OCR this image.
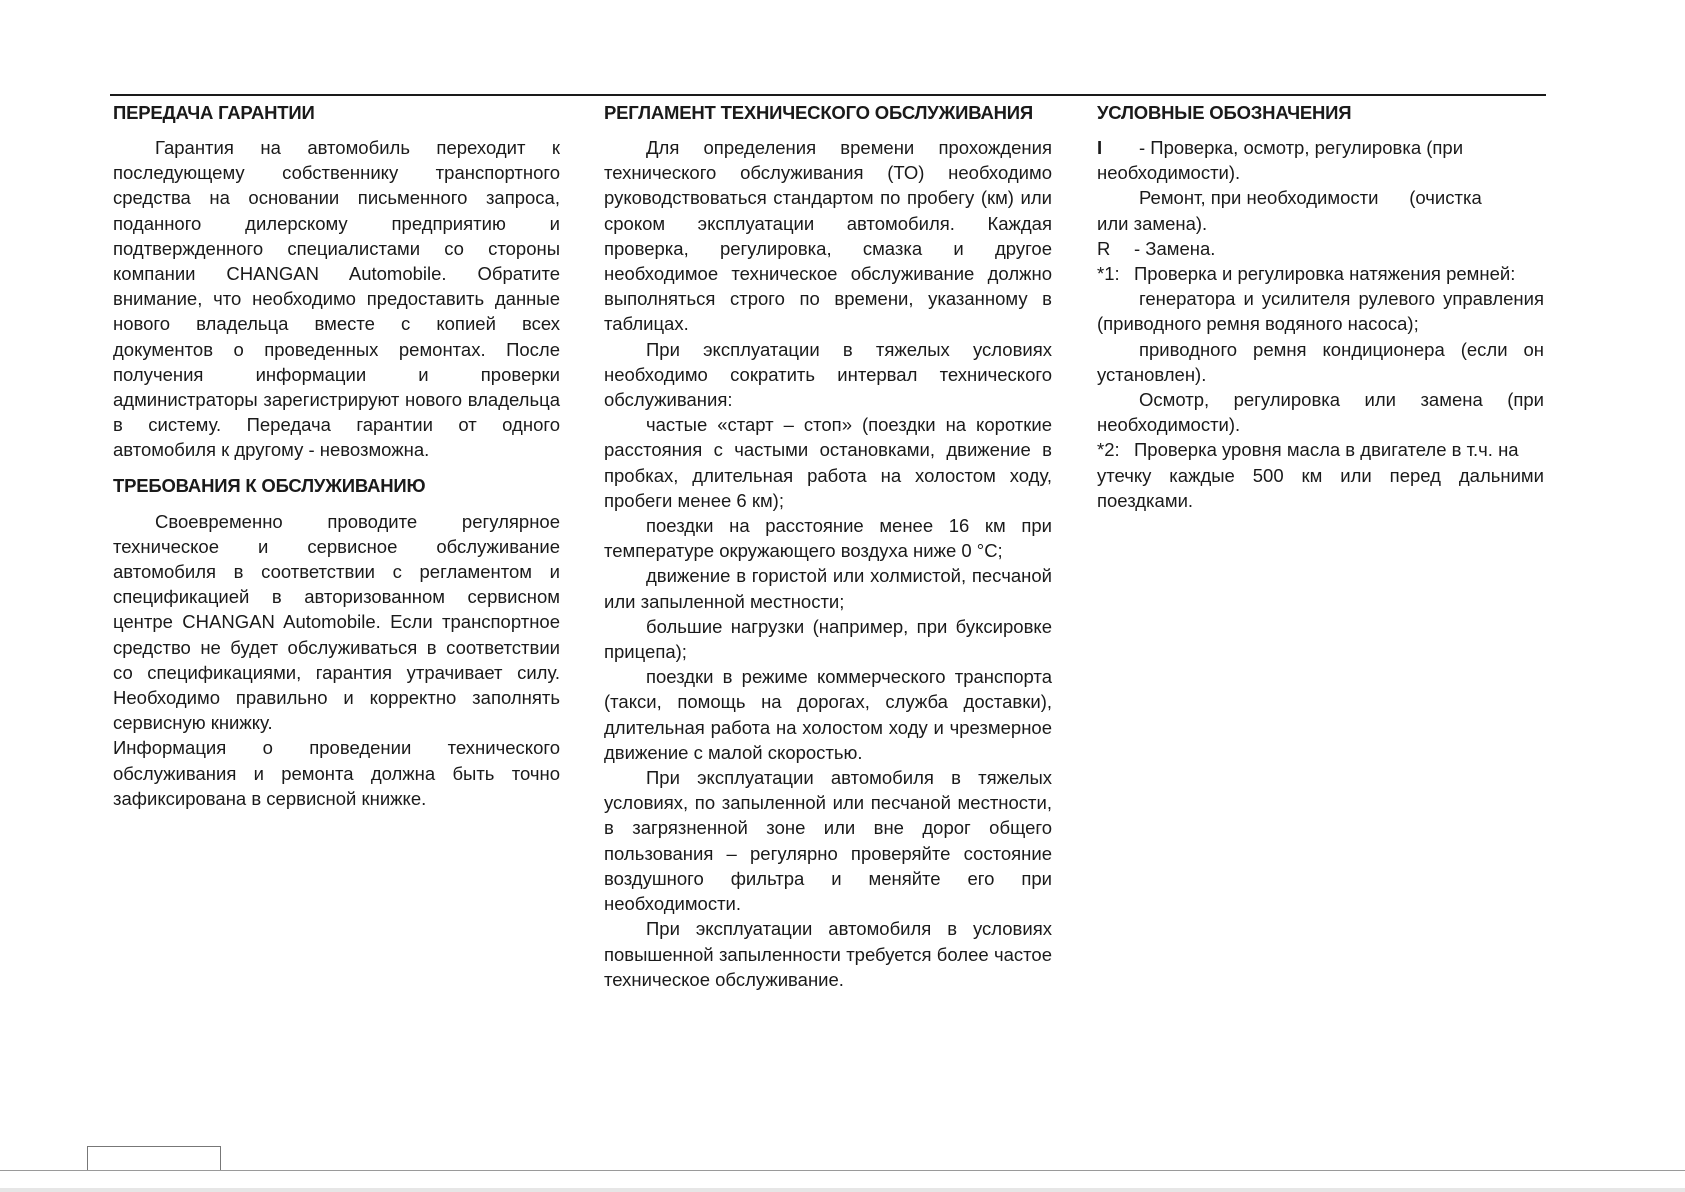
ПЕРЕДАЧА ГАРАНТИИ

Гарантия на автомобиль переходит к последующему собственнику транспортного средства на основании письменного запроса, поданного дилерскому предприятию и подтвержденного специалистами со стороны компании CHANGAN Automobile. Обратите внимание, что необходимо предоставить данные нового владельца вместе с копией всех документов о проведенных ремонтах. После получения информации и проверки администраторы зарегистрируют нового владельца в систему. Передача гарантии от одного автомобиля к другому - невозможна.

ТРЕБОВАНИЯ К ОБСЛУЖИВАНИЮ

Своевременно проводите регулярное техническое и сервисное обслуживание автомобиля в соответствии с регламентом и спецификацией в авторизованном сервисном центре CHANGAN Automobile. Если транспортное средство не будет обслуживаться в соответствии со спецификациями, гарантия утрачивает силу. Необходимо правильно и корректно заполнять сервисную книжку.

Информация о проведении технического обслуживания и ремонта должна быть точно зафиксирована в сервисной книжке.

РЕГЛАМЕНТ ТЕХНИЧЕСКОГО ОБСЛУЖИВАНИЯ

Для определения времени прохождения технического обслуживания (ТО) необходимо руководствоваться стандартом по пробегу (км) или сроком эксплуатации автомобиля. Каждая проверка, регулировка, смазка и другое необходимое техническое обслуживание должно выполняться строго по времени, указанному в таблицах.

При эксплуатации в тяжелых условиях необходимо сократить интервал технического обслуживания:

частые «старт – стоп» (поездки на короткие расстояния с частыми остановками, движение в пробках, длительная работа на холостом ходу, пробеги менее 6 км);

поездки на расстояние менее 16 км при температуре окружающего воздуха ниже 0 °С;

движение в гористой или холмистой, песчаной или запыленной местности;

большие нагрузки (например, при буксировке прицепа);

поездки в режиме коммерческого транспорта (такси, помощь на дорогах, служба доставки), длительная работа на холостом ходу и чрезмерное движение с малой скоростью.

При эксплуатации автомобиля в тяжелых условиях, по запыленной или песчаной местности, в загрязненной зоне или вне дорог общего пользования – регулярно проверяйте состояние воздушного фильтра и меняйте его при необходимости.

При эксплуатации автомобиля в условиях повышенной запыленности требуется более частое техническое обслуживание.

УСЛОВНЫЕ ОБОЗНАЧЕНИЯ
I	- Проверка, осмотр, регулировка (при

необходимости).

Ремонт, при необходимости      (очистка

или замена).

R	- Замена.
*1: Проверка и регулировка натяжения ремней:

генератора и усилителя рулевого управления (приводного ремня водяного насоса);

приводного ремня кондиционера (если он установлен).

Осмотр, регулировка или замена (при необходимости).

*2: Проверка уровня масла в двигателе в т.ч. на

утечку каждые 500 км или перед дальними поездками.
